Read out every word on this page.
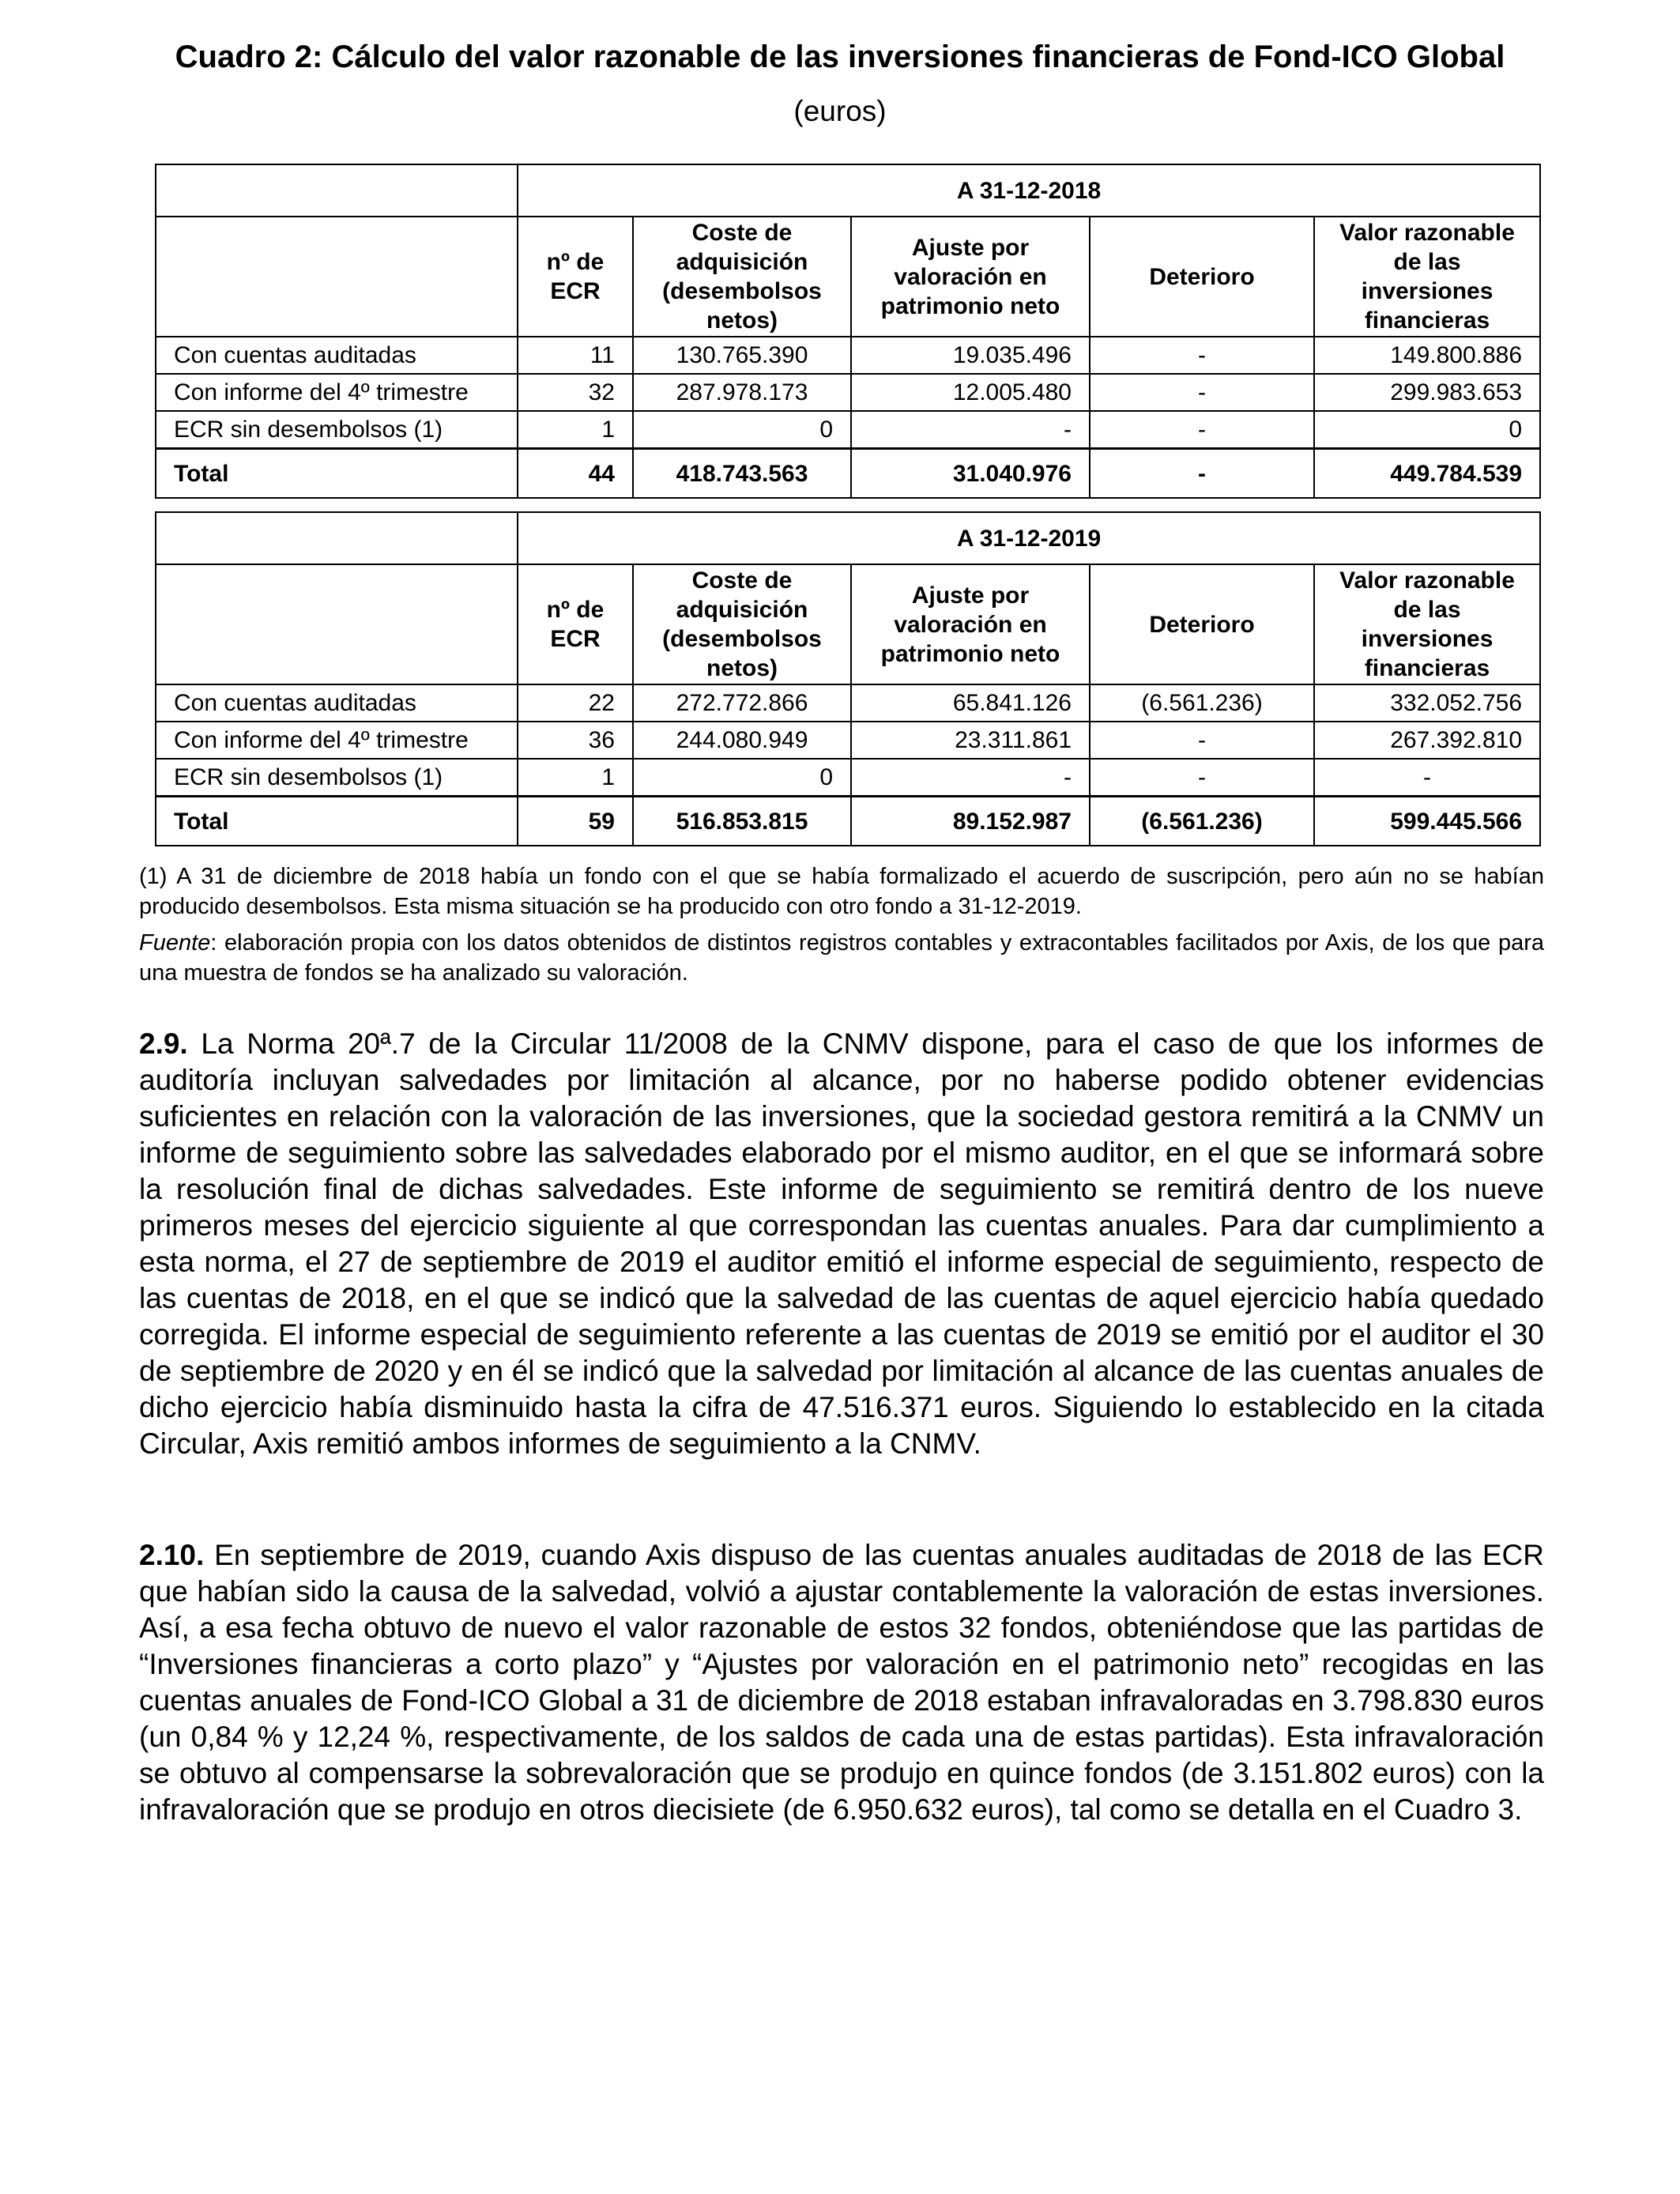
Cuadro 2: Cálculo del valor razonable de las inversiones financieras de Fond-ICO Global
(euros)
	A 31-12-2018				
	nº de ECR	Coste de adquisición (desembolsos netos)	Ajuste por valoración en patrimonio neto	Deterioro	Valor razonable de las inversiones financieras
Con cuentas auditadas	11	130.765.390	19.035.496	-	149.800.886
Con informe del 4º trimestre	32	287.978.173	12.005.480	-	299.983.653
ECR sin desembolsos (1)	1	0	-	-	0
Total	44	418.743.563	31.040.976	-	449.784.539
	A 31-12-2019				
	nº de ECR	Coste de adquisición (desembolsos netos)	Ajuste por valoración en patrimonio neto	Deterioro	Valor razonable de las inversiones financieras
Con cuentas auditadas	22	272.772.866	65.841.126	(6.561.236)	332.052.756
Con informe del 4º trimestre	36	244.080.949	23.311.861	-	267.392.810
ECR sin desembolsos (1)	1	0	-	-	-
Total	59	516.853.815	89.152.987	(6.561.236)	599.445.566
(1) A 31 de diciembre de 2018 había un fondo con el que se había formalizado el acuerdo de suscripción, pero aún no se habían producido desembolsos. Esta misma situación se ha producido con otro fondo a 31-12-2019.
Fuente: elaboración propia con los datos obtenidos de distintos registros contables y extracontables facilitados por Axis, de los que para una muestra de fondos se ha analizado su valoración.
2.9. La Norma 20ª.7 de la Circular 11/2008 de la CNMV dispone, para el caso de que los informes de auditoría incluyan salvedades por limitación al alcance, por no haberse podido obtener evidencias suficientes en relación con la valoración de las inversiones, que la sociedad gestora remitirá a la CNMV un informe de seguimiento sobre las salvedades elaborado por el mismo auditor, en el que se informará sobre la resolución final de dichas salvedades. Este informe de seguimiento se remitirá dentro de los nueve primeros meses del ejercicio siguiente al que correspondan las cuentas anuales. Para dar cumplimiento a esta norma, el 27 de septiembre de 2019 el auditor emitió el informe especial de seguimiento, respecto de las cuentas de 2018, en el que se indicó que la salvedad de las cuentas de aquel ejercicio había quedado corregida. El informe especial de seguimiento referente a las cuentas de 2019 se emitió por el auditor el 30 de septiembre de 2020 y en él se indicó que la salvedad por limitación al alcance de las cuentas anuales de dicho ejercicio había disminuido hasta la cifra de 47.516.371 euros. Siguiendo lo establecido en la citada Circular, Axis remitió ambos informes de seguimiento a la CNMV.
2.10. En septiembre de 2019, cuando Axis dispuso de las cuentas anuales auditadas de 2018 de las ECR que habían sido la causa de la salvedad, volvió a ajustar contablemente la valoración de estas inversiones. Así, a esa fecha obtuvo de nuevo el valor razonable de estos 32 fondos, obteniéndose que las partidas de “Inversiones financieras a corto plazo” y “Ajustes por valoración en el patrimonio neto” recogidas en las cuentas anuales de Fond-ICO Global a 31 de diciembre de 2018 estaban infravaloradas en 3.798.830 euros (un 0,84 % y 12,24 %, respectivamente, de los saldos de cada una de estas partidas). Esta infravaloración se obtuvo al compensarse la sobrevaloración que se produjo en quince fondos (de 3.151.802 euros) con la infravaloración que se produjo en otros diecisiete (de 6.950.632 euros), tal como se detalla en el Cuadro 3.
